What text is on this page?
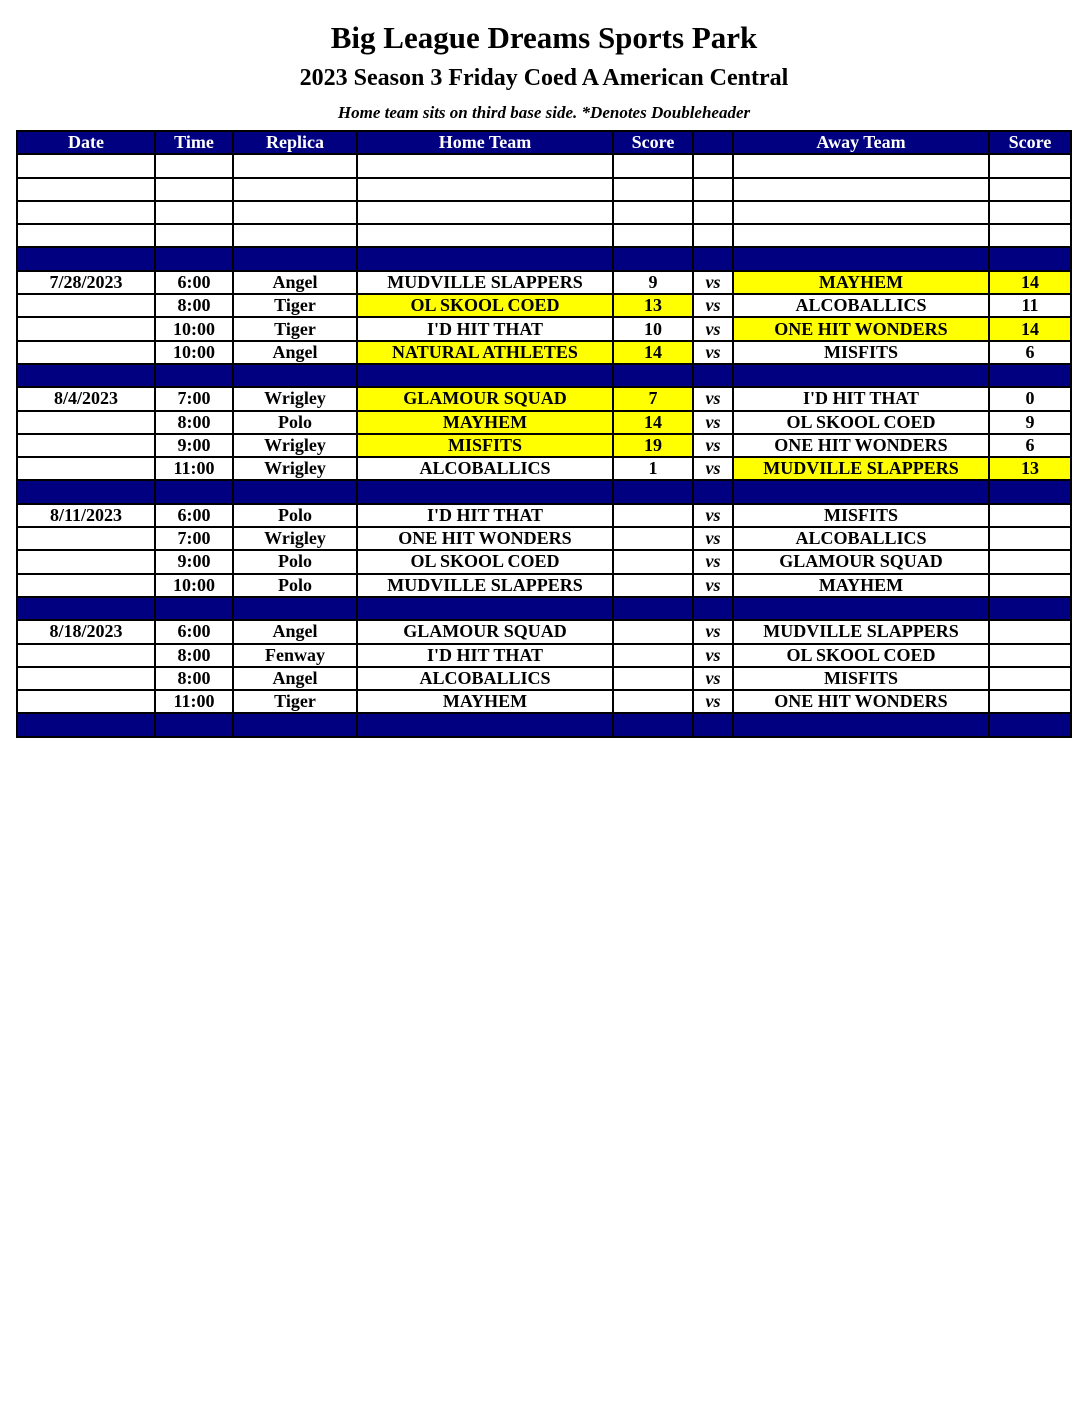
Big League Dreams Sports Park
2023 Season 3 Friday Coed A American Central
Home team sits on third base side. *Denotes Doubleheader
Date	Time	Replica	Home Team	Score		Away Team	Score

7/28/2023	6:00	Angel	MUDVILLE SLAPPERS	9	vs	MAYHEM	14
	8:00	Tiger	OL SKOOL COED	13	vs	ALCOBALLICS	11
	10:00	Tiger	I'D HIT THAT	10	vs	ONE HIT WONDERS	14
	10:00	Angel	NATURAL ATHLETES	14	vs	MISFITS	6

8/4/2023	7:00	Wrigley	GLAMOUR SQUAD	7	vs	I'D HIT THAT	0
	8:00	Polo	MAYHEM	14	vs	OL SKOOL COED	9
	9:00	Wrigley	MISFITS	19	vs	ONE HIT WONDERS	6
	11:00	Wrigley	ALCOBALLICS	1	vs	MUDVILLE SLAPPERS	13

8/11/2023	6:00	Polo	I'D HIT THAT		vs	MISFITS	
	7:00	Wrigley	ONE HIT WONDERS		vs	ALCOBALLICS	
	9:00	Polo	OL SKOOL COED		vs	GLAMOUR SQUAD	
	10:00	Polo	MUDVILLE SLAPPERS		vs	MAYHEM	

8/18/2023	6:00	Angel	GLAMOUR SQUAD		vs	MUDVILLE SLAPPERS	
	8:00	Fenway	I'D HIT THAT		vs	OL SKOOL COED	
	8:00	Angel	ALCOBALLICS		vs	MISFITS	
	11:00	Tiger	MAYHEM		vs	ONE HIT WONDERS	
